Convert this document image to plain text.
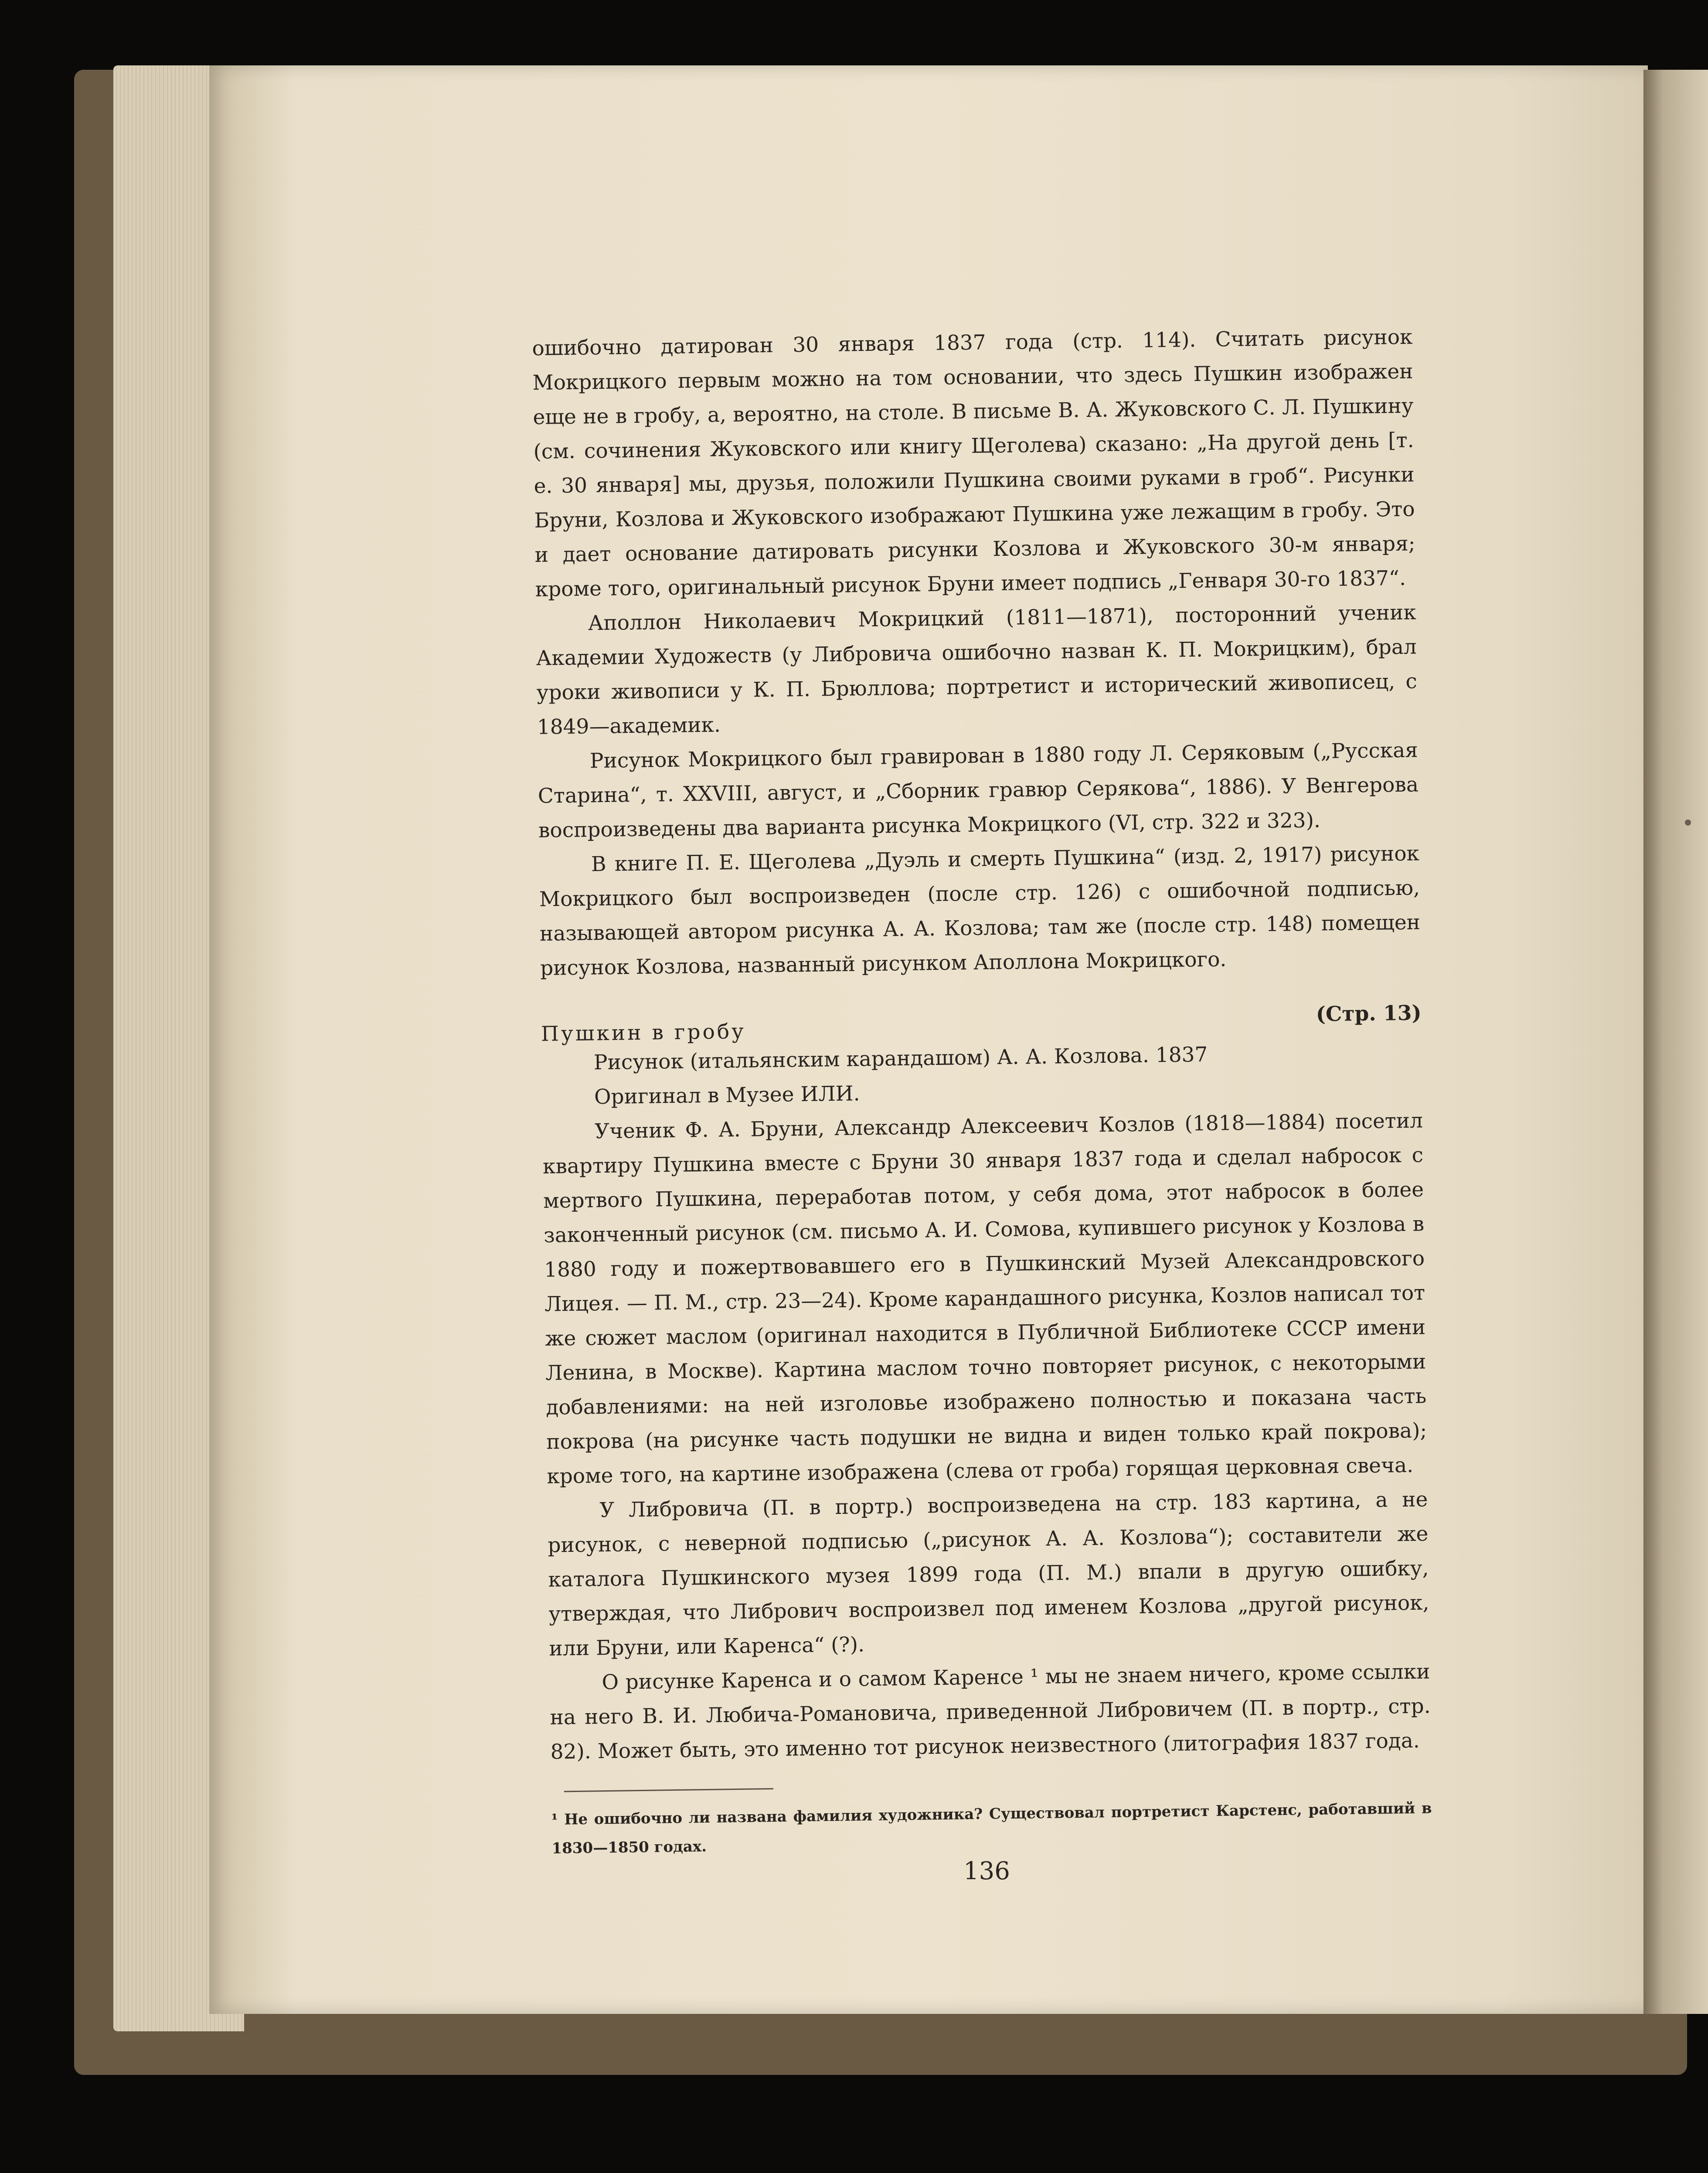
ошибочно датирован 30 января 1837 года (стр. 114). Считать рисунок Мокрицкого первым можно на том основании, что здесь Пушкин изображен еще не в гробу, а, вероятно, на столе. В письме В. А. Жуковского С. Л. Пушкину (см. сочинения Жуковского или книгу Щеголева) сказано: „На другой день [т. е. 30 января] мы, друзья, положили Пушкина своими руками в гроб“. Рисунки Бруни, Козлова и Жуковского изображают Пушкина уже лежащим в гробу. Это и дает основание датировать рисунки Козлова и Жуковского 30-м января; кроме того, оригинальный рисунок Бруни имеет подпись „Генваря 30-го 1837“.

Аполлон Николаевич Мокрицкий (1811—1871), посторонний ученик Академии Художеств (у Либровича ошибочно назван К. П. Мокрицким), брал уроки живописи у К. П. Брюллова; портретист и исторический живописец, с 1849—академик.

Рисунок Мокрицкого был гравирован в 1880 году Л. Серяковым („Русская Старина“, т. XXVIII, август, и „Сборник гравюр Серякова“, 1886). У Венгерова воспроизведены два варианта рисунка Мокрицкого (VI, стр. 322 и 323).

В книге П. Е. Щеголева „Дуэль и смерть Пушкина“ (изд. 2, 1917) рисунок Мокрицкого был воспроизведен (после стр. 126) с ошибочной подписью, называющей автором рисунка А. А. Козлова; там же (после стр. 148) помещен рисунок Козлова, названный рисунком Аполлона Мокрицкого.

Пушкин в гробу
(Стр. 13)

Рисунок (итальянским карандашом) А. А. Козлова. 1837

Оригинал в Музее ИЛИ.

Ученик Ф. А. Бруни, Александр Алексеевич Козлов (1818—1884) посетил квартиру Пушкина вместе с Бруни 30 января 1837 года и сделал набросок с мертвого Пушкина, переработав потом, у себя дома, этот набросок в более законченный рисунок (см. письмо А. И. Сомова, купившего рисунок у Козлова в 1880 году и пожертвовавшего его в Пушкинский Музей Александровского Лицея. — П. М., стр. 23—24). Кроме карандашного рисунка, Козлов написал тот же сюжет маслом (оригинал находится в Публичной Библиотеке СССР имени Ленина, в Москве). Картина маслом точно повторяет рисунок, с некоторыми добавлениями: на ней изголовье изображено полностью и показана часть покрова (на рисунке часть подушки не видна и виден только край покрова); кроме того, на картине изображена (слева от гроба) горящая церковная свеча.

У Либровича (П. в портр.) воспроизведена на стр. 183 картина, а не рисунок, с неверной подписью („рисунок А. А. Козлова“); составители же каталога Пушкинского музея 1899 года (П. М.) впали в другую ошибку, утверждая, что Либрович воспроизвел под именем Козлова „другой рисунок, или Бруни, или Каренса“ (?).

О рисунке Каренса и о самом Каренсе ¹ мы не знаем ничего, кроме ссылки на него В. И. Любича-Романовича, приведенной Либровичем (П. в портр., стр. 82). Может быть, это именно тот рисунок неизвестного (литография 1837 года.

¹ Не ошибочно ли названа фамилия художника? Существовал портретист Карстенс, работавший в 1830—1850 годах.

136
